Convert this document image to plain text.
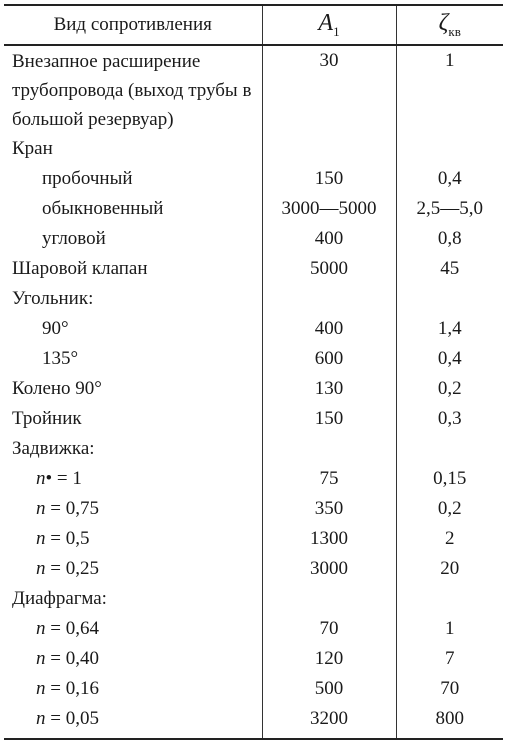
Вид сопротивления	$A_1$	$\zeta_{кв}$
Внезапное расширение трубопровода (выход трубы в большой резервуар)	30	1
Кран		
пробочный	150	0,4
обыкновенный	3000—5000	2,5—5,0
угловой	400	0,8
Шаровой клапан	5000	45
Угольник:		
90°	400	1,4
135°	600	0,4
Колено 90°	130	0,2
Тройник	150	0,3
Задвижка:		
n• = 1	75	0,15
n = 0,75	350	0,2
n = 0,5	1300	2
n = 0,25	3000	20
Диафрагма:		
n = 0,64	70	1
n = 0,40	120	7
n = 0,16	500	70
n = 0,05	3200	800
